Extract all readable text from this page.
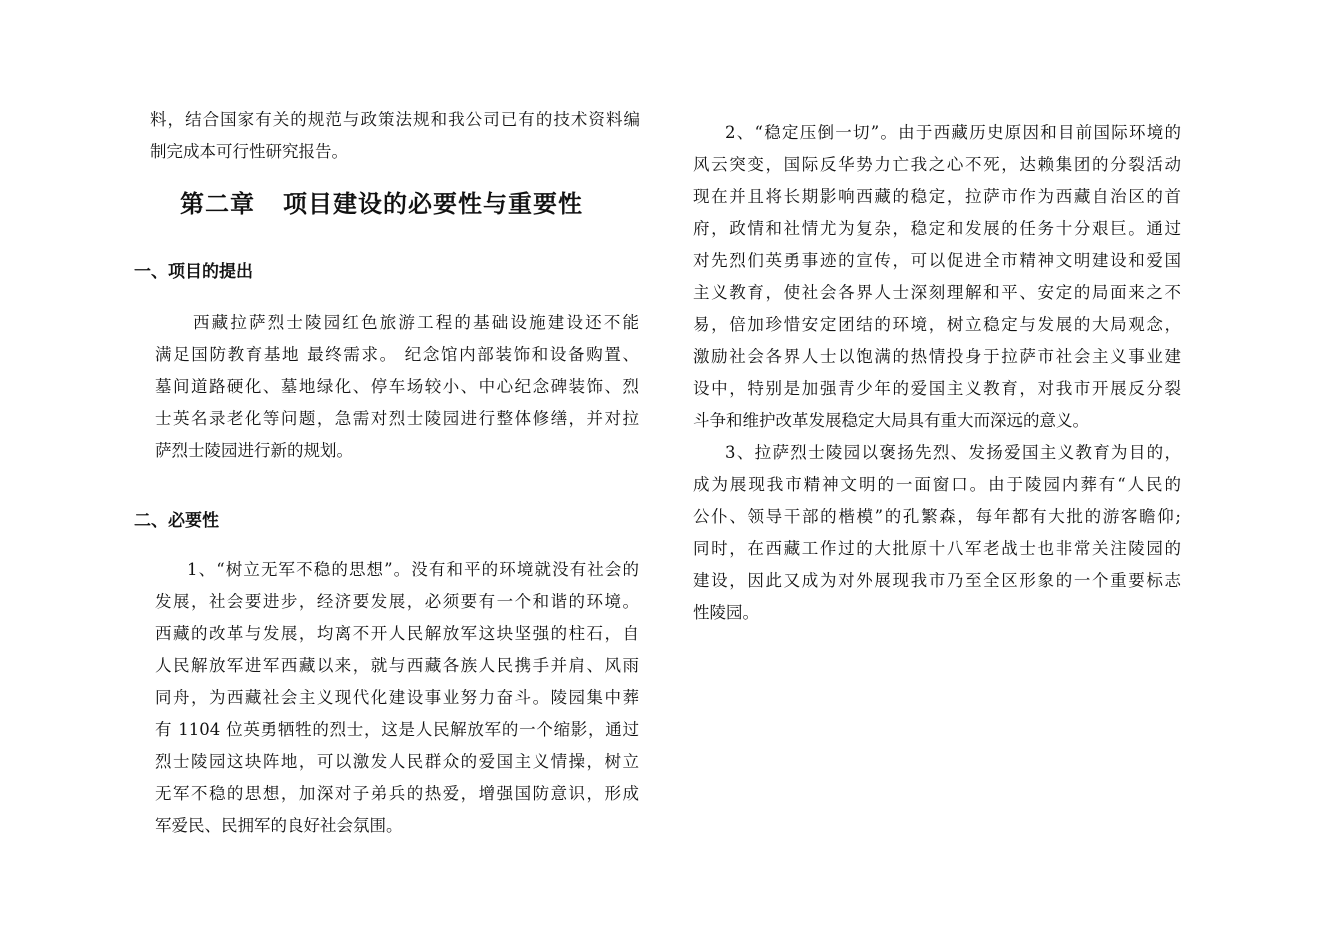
料，结合国家有关的规范与政策法规和我公司已有的技术资料编
制完成本可行性研究报告。
第二章 项目建设的必要性与重要性
一、项目的提出
西藏拉萨烈士陵园红色旅游工程的基础设施建设还不能
满足国防教育基地 最终需求。 纪念馆内部装饰和设备购置、
墓间道路硬化、墓地绿化、停车场较小、中心纪念碑装饰、烈
士英名录老化等问题，急需对烈士陵园进行整体修缮，并对拉
萨烈士陵园进行新的规划。
二、必要性
1、“树立无军不稳的思想”。没有和平的环境就没有社会的
发展，社会要进步，经济要发展，必须要有一个和谐的环境。
西藏的改革与发展，均离不开人民解放军这块坚强的柱石，自
人民解放军进军西藏以来，就与西藏各族人民携手并肩、风雨
同舟，为西藏社会主义现代化建设事业努力奋斗。陵园集中葬
有 1104 位英勇牺牲的烈士，这是人民解放军的一个缩影，通过
烈士陵园这块阵地，可以激发人民群众的爱国主义情操，树立
无军不稳的思想，加深对子弟兵的热爱，增强国防意识，形成
军爱民、民拥军的良好社会氛围。
2、“稳定压倒一切”。由于西藏历史原因和目前国际环境的
风云突变，国际反华势力亡我之心不死，达赖集团的分裂活动
现在并且将长期影响西藏的稳定，拉萨市作为西藏自治区的首
府，政情和社情尤为复杂，稳定和发展的任务十分艰巨。通过
对先烈们英勇事迹的宣传，可以促进全市精神文明建设和爱国
主义教育，使社会各界人士深刻理解和平、安定的局面来之不
易，倍加珍惜安定团结的环境，树立稳定与发展的大局观念，
激励社会各界人士以饱满的热情投身于拉萨市社会主义事业建
设中，特别是加强青少年的爱国主义教育，对我市开展反分裂
斗争和维护改革发展稳定大局具有重大而深远的意义。
3、拉萨烈士陵园以褒扬先烈、发扬爱国主义教育为目的，
成为展现我市精神文明的一面窗口。由于陵园内葬有“人民的
公仆、领导干部的楷模”的孔繁森，每年都有大批的游客瞻仰;
同时，在西藏工作过的大批原十八军老战士也非常关注陵园的
建设，因此又成为对外展现我市乃至全区形象的一个重要标志
性陵园。
